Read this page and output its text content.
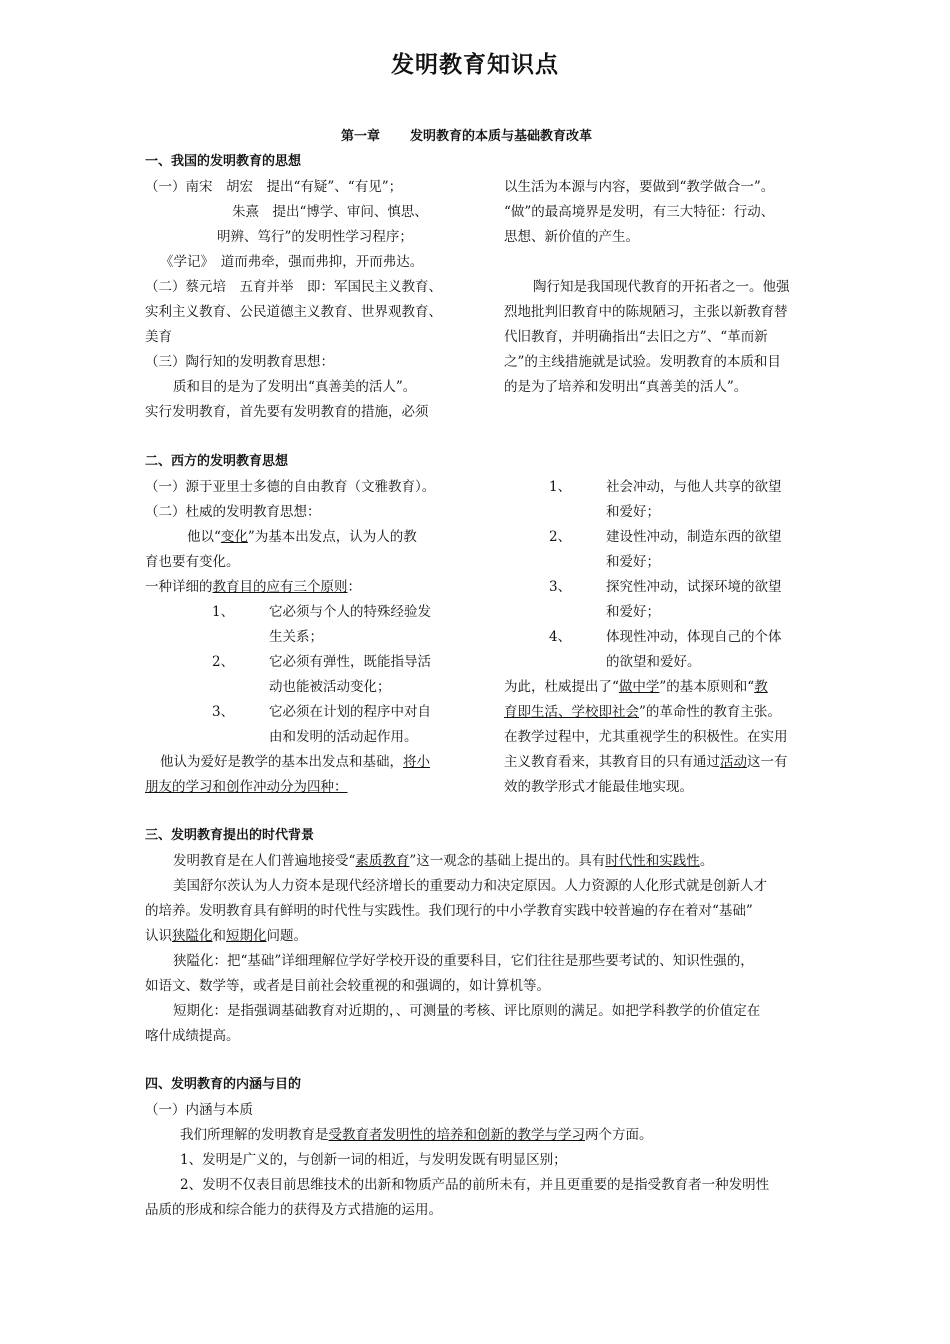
发明教育知识点
第一章 发明教育的本质与基础教育改革
一、我国的发明教育的思想
（一）南宋　胡宏　提出“有疑”、“有见”；
朱熹　提出“博学、审问、慎思、
明辨、笃行”的发明性学习程序；
《学记》　道而弗牵，强而弗抑，开而弗达。
（二）蔡元培　五育并举　即：军国民主义教育、
实利主义教育、公民道德主义教育、世界观教育、
美育
（三）陶行知的发明教育思想：
质和目的是为了发明出“真善美的活人”。
实行发明教育，首先要有发明教育的措施，必须
以生活为本源与内容，要做到“教学做合一”。
“做”的最高境界是发明，有三大特征：行动、
思想、新价值的产生。
陶行知是我国现代教育的开拓者之一。他强
烈地批判旧教育中的陈规陋习，主张以新教育替
代旧教育，并明确指出“去旧之方”、“革而新
之”的主线措施就是试验。发明教育的本质和目
的是为了培养和发明出“真善美的活人”。
二、西方的发明教育思想
（一）源于亚里士多德的自由教育（文雅教育）。
（二）杜威的发明教育思想：
他以“变化”为基本出发点，认为人的教
育也要有变化。
一种详细的教育目的应有三个原则：
1、	它必须与个人的特殊经验发
生关系；
2、	它必须有弹性，既能指导活
动也能被活动变化；
3、	它必须在计划的程序中对自
由和发明的活动起作用。
他认为爱好是教学的基本出发点和基础，将小
朋友的学习和创作冲动分为四种：
1、	社会冲动，与他人共享的欲望
和爱好；
2、	建设性冲动，制造东西的欲望
和爱好；
3、	探究性冲动，试探环境的欲望
和爱好；
4、	体现性冲动，体现自己的个体
的欲望和爱好。
为此，杜威提出了“做中学”的基本原则和“教
育即生活、学校即社会”的革命性的教育主张。
在教学过程中，尤其重视学生的积极性。在实用
主义教育看来，其教育目的只有通过活动这一有
效的教学形式才能最佳地实现。
三、发明教育提出的时代背景
发明教育是在人们普遍地接受“素质教育”这一观念的基础上提出的。具有时代性和实践性。
美国舒尔茨认为人力资本是现代经济增长的重要动力和决定原因。人力资源的人化形式就是创新人才
的培养。发明教育具有鲜明的时代性与实践性。我们现行的中小学教育实践中较普遍的存在着对“基础”
认识狭隘化和短期化问题。
狭隘化：把“基础”详细理解位学好学校开设的重要科目，它们往往是那些要考试的、知识性强的，
如语文、数学等，或者是目前社会较重视的和强调的，如计算机等。
短期化：是指强调基础教育对近期的，、可测量的考核、评比原则的满足。如把学科教学的价值定在
喀什成绩提高。
四、发明教育的内涵与目的
（一）内涵与本质
我们所理解的发明教育是受教育者发明性的培养和创新的教学与学习两个方面。
1、发明是广义的，与创新一词的相近，与发明发既有明显区别；
2、发明不仅表目前思维技术的出新和物质产品的前所未有，并且更重要的是指受教育者一种发明性
品质的形成和综合能力的获得及方式措施的运用。
